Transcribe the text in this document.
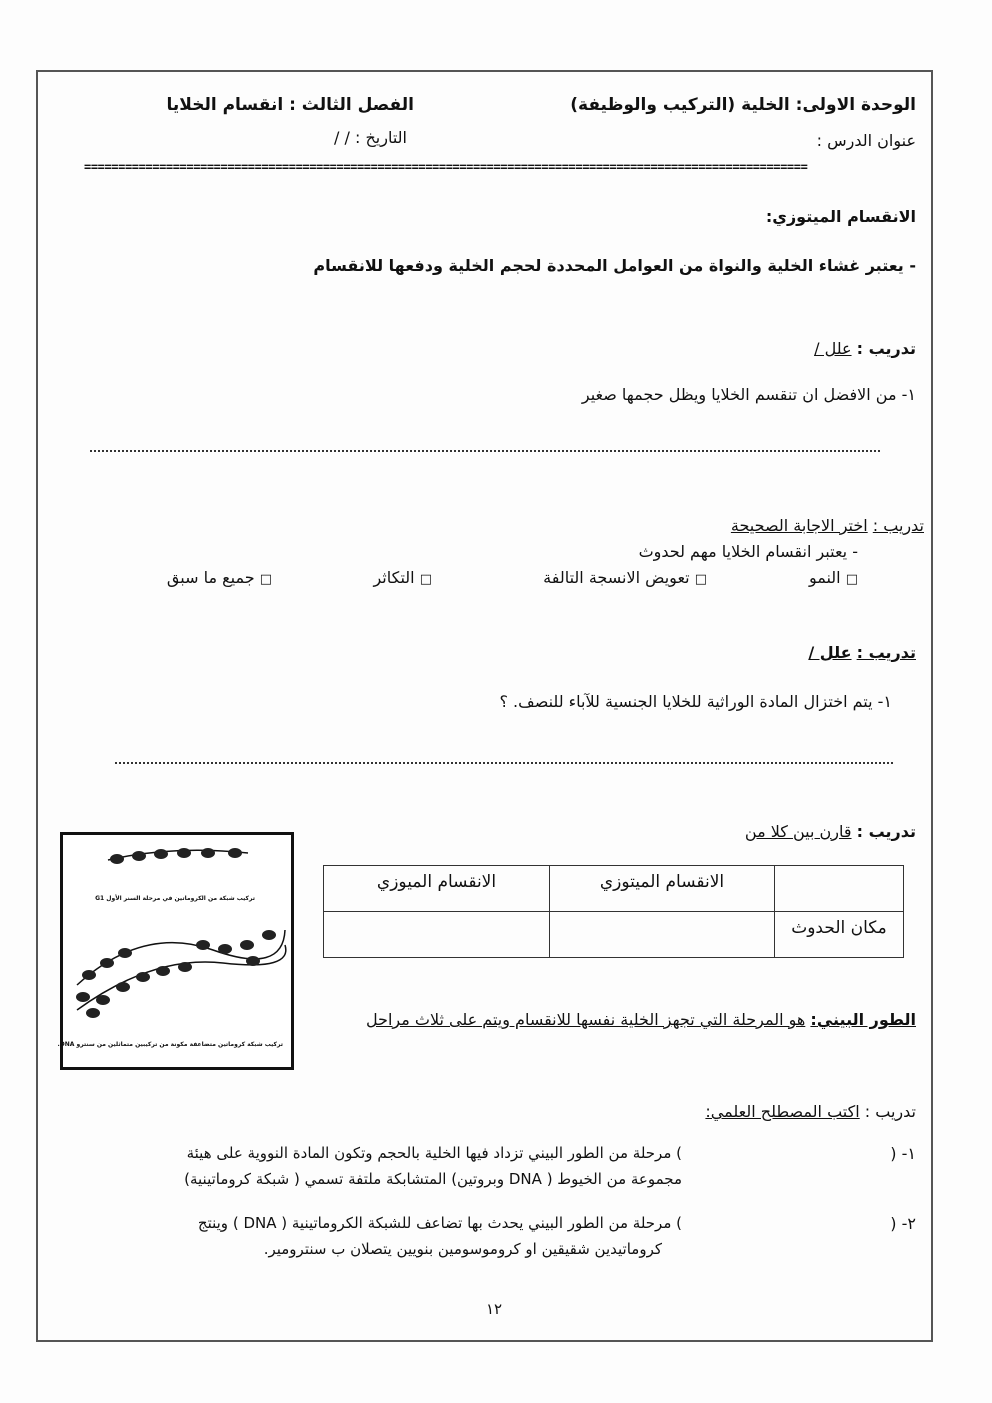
الوحدة الاولى: الخلية (التركيب والوظيفة)
الفصل الثالث : انقسام الخلايا
عنوان الدرس :
التاريخ : / /
==========================================================================================================
الانقسام الميتوزي:
- يعتبر غشاء الخلية والنواة من العوامل المحددة لحجم الخلية ودفعها للانقسام
تدريب : علل /
١- من الافضل ان تنقسم الخلايا ويظل حجمها صغير
تدريب : اختر الاجابة الصحيحة
- يعتبر انقسام الخلايا مهم لحدوث
□ النمو
□ تعويض الانسجة التالفة
□ التكاثر
□ جميع ما سبق
تدريب : علل /
١- يتم اختزال المادة الوراثية للخلايا الجنسية للآباء للنصف. ؟
تدريب : قارن بين كلا من
	الانقسام الميتوزي	الانقسام الميوزي
مكان الحدوث		
تركيب شبكة من الكروماتين في مرحلة السنر الأول G1
تركيب شبكة كروماتين متضاعفة مكونة من تركيبين متماثلين من سنترو DNA.
الطور البيني: هو المرحلة التي تجهز الخلية نفسها للانقسام ويتم على ثلاث مراحل
تدريب : اكتب المصطلح العلمي:
١- (
) مرحلة من الطور البيني تزداد فيها الخلية بالحجم وتكون المادة النووية على هيئة
مجموعة من الخيوط ( DNA وبروتين) المتشابكة ملتفة تسمي ( شبكة كروماتينية)
٢- (
) مرحلة من الطور البيني يحدث بها تضاعف للشبكة الكروماتينية ( DNA ) وينتج
كروماتيدين شقيقين او كروموسومين بنويين يتصلان ب سنترومير.
١٢
